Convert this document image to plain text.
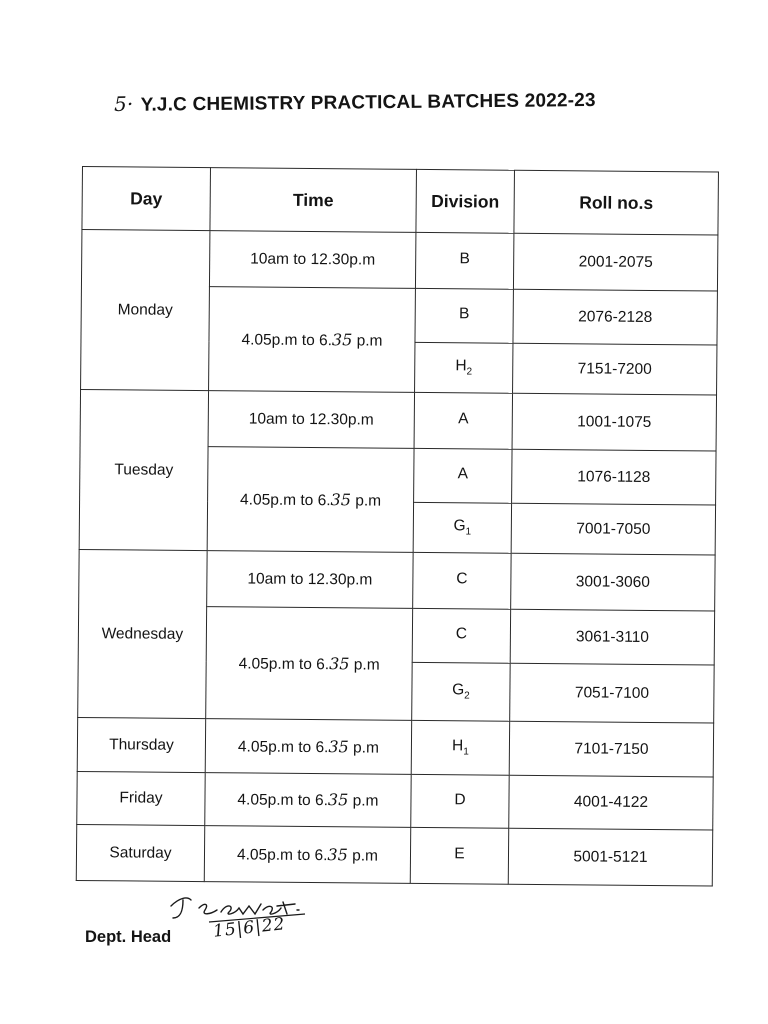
5· Y.J.C CHEMISTRY PRACTICAL BATCHES 2022-23
Day	Time	Division	Roll no.s
Monday	10am to 12.30p.m	B	2001-2075
	4.05p.m to 6.35 p.m	B	2076-2128
		$H_2$	7151-7200
Tuesday	10am to 12.30p.m	A	1001-1075
	4.05p.m to 6.35 p.m	A	1076-1128
		$G_1$	7001-7050
Wednesday	10am to 12.30p.m	C	3001-3060
	4.05p.m to 6.35 p.m	C	3061-3110
		$G_2$	7051-7100
Thursday	4.05p.m to 6.35 p.m	$H_1$	7101-7150
Friday	4.05p.m to 6.35 p.m	D	4001-4122
Saturday	4.05p.m to 6.35 p.m	E	5001-5121
15|6|22
Dept. Head
